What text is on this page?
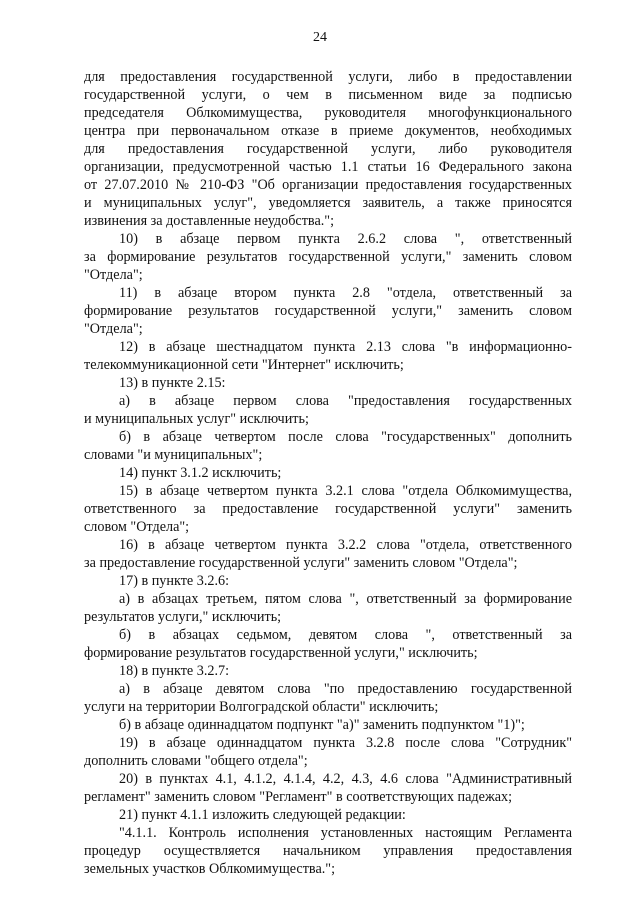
24
для предоставления государственной услуги, либо в предоставлении
государственной услуги, о чем в письменном виде за подписью
председателя Облкомимущества, руководителя многофункционального
центра при первоначальном отказе в приеме документов, необходимых
для предоставления государственной услуги, либо руководителя
организации, предусмотренной частью 1.1 статьи 16 Федерального закона
от 27.07.2010 № 210-ФЗ "Об организации предоставления государственных
и муниципальных услуг", уведомляется заявитель, а также приносятся
извинения за доставленные неудобства.";
10) в абзаце первом пункта 2.6.2 слова ", ответственный
за формирование результатов государственной услуги," заменить словом
"Отдела";
11) в абзаце втором пункта 2.8 "отдела, ответственный за
формирование результатов государственной услуги," заменить словом
"Отдела";
12) в абзаце шестнадцатом пункта 2.13 слова "в информационно-
телекоммуникационной сети "Интернет" исключить;
13) в пункте 2.15:
а) в абзаце первом слова "предоставления государственных
и муниципальных услуг" исключить;
б) в абзаце четвертом после слова "государственных" дополнить
словами "и муниципальных";
14) пункт 3.1.2 исключить;
15) в абзаце четвертом пункта 3.2.1 слова "отдела Облкомимущества,
ответственного за предоставление государственной услуги" заменить
словом "Отдела";
16) в абзаце четвертом пункта 3.2.2 слова "отдела, ответственного
за предоставление государственной услуги" заменить словом "Отдела";
17) в пункте 3.2.6:
а) в абзацах третьем, пятом слова ", ответственный за формирование
результатов услуги," исключить;
б) в абзацах седьмом, девятом слова ", ответственный за
формирование результатов государственной услуги," исключить;
18) в пункте 3.2.7:
а) в абзаце девятом слова "по предоставлению государственной
услуги на территории Волгоградской области" исключить;
б) в абзаце одиннадцатом подпункт "а)" заменить подпунктом "1)";
19) в абзаце одиннадцатом пункта 3.2.8 после слова "Сотрудник"
дополнить словами "общего отдела";
20) в пунктах 4.1, 4.1.2, 4.1.4, 4.2, 4.3, 4.6 слова "Административный
регламент" заменить словом "Регламент" в соответствующих падежах;
21) пункт 4.1.1 изложить следующей редакции:
"4.1.1. Контроль исполнения установленных настоящим Регламента
процедур осуществляется начальником управления предоставления
земельных участков Облкомимущества.";
